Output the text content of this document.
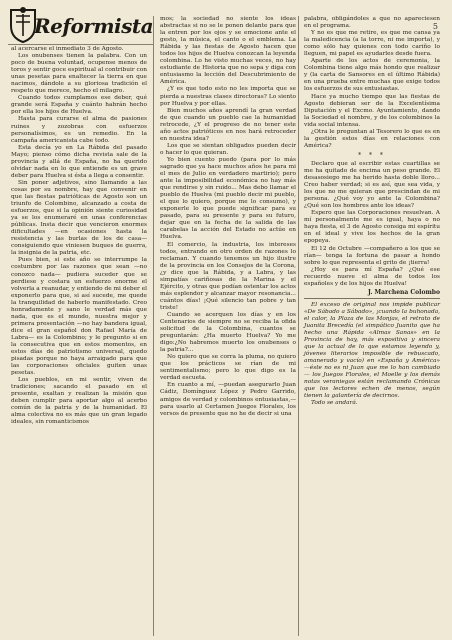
Reformista	5

al acercarse el inmediato 3 de Agosto.

Los onubenses tienen la palabra. Con un poco de buena voluntad, ocupense menos de toros y sentir goce espiritual al contribuir con unas pesetas para enaltecer la tierra en que nacimos, dándole a su gloriosa tradición el respeto que merece, hecho el milagro.

Cuando todos cumplamos ese deber, qué grande será España y cuánto habrán hecho por ella los hijos de Huelva.

Hasta para curarse el alma de pasiones ruines y zozobras con esfuerzos personalísimos, es un remedio. En la campaña americanista cabe todo.

Esta decía yo en La Rábida del pasado Mayo; pienso cómo dicha revista sale de la provincia y allá de España, no ha querido olvidar nada en lo que entiende es un grave deber para Huelva si ésta a llega a consentir.

Sin poner adjetivos, sino llamando a las cosas por su nombre, hay que convenir en que las fiestas patrióticas de Agosto son un triunfo de Colombino, alcanzado a costa de esfuerzos, que si la opinión siente curiosidad ya se los enumeraré en unas conferencias públicas. Insta decir que vencieron enormes dificultades —en ocasiones hasta la resistencia y las burlas de los de casa— consiguiendo que viniesen buques de guerra, la insignia de la patria, etc.

Pues bien, si este año se interrumpe la costumbre por las razones que sean —no conozco nada— pudiera suceder que se perdiese y costara un esfuerzo enorme el volverla a reanudar, y entiendo de mi deber el exponerlo para que, si así sucede, me quede la tranquilidad de haberlo manifestado. Creo honradamente y sano le verdad más que nada, que es el mundo, nuestra mejor y primera presentación —no hay bandera igual, dice el gran español don Rafael María de Labra— es la Colombino; y le pregunto si en la consecutiva que en estos momentos, en estos días de patriotismo universal, quedo pisadas porque no haya arraigado para que las corporaciones oficiales guiten unas pesetas.

Los pueblos, en mi sentir, viven de tradiciones; sacando el pasado en el presente, exaltan y realizan la misión que deben cumplir para aportar algo al acerbo común de la patria y de la humanidad. El alma colectiva no es más que un gran legado ideales, sin romanticismos

mos; la sociedad no siente los ideas abstractas si no se le ponen delante para que la entren por los ojos y se emocione ante el gesto, la música, el canto o el emblema. La Rábida y las fiestas de Agosto hacen que todos los hijos de Huelva conozcan la leyenda colombina. Lo he visto muchas veces, no hay estudiante de Historia que no sepa y diga con entusiasmo la lección del Descubrimiento de América.

¿Y es que todo esto no les importa que se pierda a nuestras clases directoras? Lo siento por Huelva y por ellas.

Bien muchos años aprendí la gran verdad de que cuando un pueblo cae la humanidad retrocede, ¿Y el progreso de no tener este año actos patrióticos en nos hará retroceder en nuestra idea?

Los que se sientan obligados pueden decir o hacer lo que quieran.

Yo bien cuento puedo (para por lo más sagrado que ya hace muchos años he para mi el mes de Julio en verdadero martirio); pero ante la imposibilidad económica no hay más que rendirse y sin ruido... Mas debo llamar el pueblo de Huelva (mi pueblo decir mi pueblo, el que lo quiero, porque me lo consumo), y exponerle lo que puede significar para su pasado, para su presente y para su futuro, dejar que en la fecha de la salida de las carabelas la acción del Estado no actúe en Huelva.

El comercio, la industria, los intereses todos, entrando en otro orden de razones lo reclaman. Y cuando tenemos un hijo ilustre de la provincia en los Consejos de la Corona, ¿y dice que la Rábida, y a Labra, y las simpatías cariñosas de la Marina y el Ejército, y otras que podían ostentar los actos más esplendor y alcanzar mayor resonancia... cuántos días! ¡Qué silencio tan pobre y tan triste!

Cuando se acerquen los días y en los Centenarios de siempre no se reciba la ofida solicitud de la Colombina, cuantos se preguntarán: ¿Ha muerto Huelva? Yo me digo:¿No habremos muerto los onubenses o la patria?...

No quiero que se corra la pluma, no quiero que los prácticos se rían de mi sentimentalismo; pero lo que digo es la verdad escueta.

En cuanto a mí, —puedan asegurarlo Juan Cádiz, Domínguez López y Pedro Garrido, amigos de verdad y colombinos entusiastas,— para usarlo al Certamen Juegos Florales, los versos de presente que no he de decir si una

palabra, obligándoles a que no apareciesen en el programa.

Y no es que me retire, es que me cansa ya la maledicencia (a la torre, ni me importa), y como sólo hay quienes con todo cariño lo lleguen, mi papel es ayudarles desde fuera.

Aparte de los actos de ceremonia, la Colombina tiene algo más hondo que realizar y (la carta de Sansores en el último Rábida) en una prueba entre muchas que exige todos los esfuerzos de sus entusiastas.

Hace ya mucho tiempo que las fiestas de Agosto debieran ser de la Excelentísima Diputación y el Excmo. Ayuntamiento, dando la Sociedad el nombre, y de los colombinos la vida social intensa.

¿Otra le preguntan al Tesorero lo que es en la gestión estos días en relaciones con América?

* * *

Declaro que al escribir estas cuartillas se me ha quitado de encima un peso grande. El desasosiego me ha herido hasta doble lloro... Creo haber verdad; si es así, que sea vida, y los que no me quieran que prescindan de mi persona. ¿Qué voy yo ante la Colombina? ¿Qué son los hombres ante los ideas?

Espero que las Corporaciones resuelvan. A mí personalmente me es igual, haya o no haya fiesta, el 3 de Agosto consiga mi espíritu en el ideal y vive los hechos de la gran epopeya.

El 12 de Octubre —compañero a los que se rían— tenga la fortuna de pasar a hondo sobre lo que representa el grito de ¡tierra!

¿Hoy es para mí España? ¿Qué ese recuerdo nueve el alma de todos los españoles y de los hijos de Huelva!

J. Marchena Colombo

El exceso de original nos impide publicar «De Sábado a Sábado», ¡cuando la buhonada, el calor, la Plaza de las Monjas, el retrato de Juanita Brecedía (el simpático Juanito que ha hecho una Rápida «Almas Sanas» en la Provincia de hay, más expositiva y sincera que la actual de lo que estamos leyendo y, jóvenes literarios imposible de rebuscado, amanerado y vacío) en «España y América» —éste no es ni Juan que me lo han cambiado— los Juegos Florales, el Moelle y los demás notas veraniegas están reclamando Crónicas que los lectores echen de menos, según tienen la galantería de decirnos.

Todo se andará.
